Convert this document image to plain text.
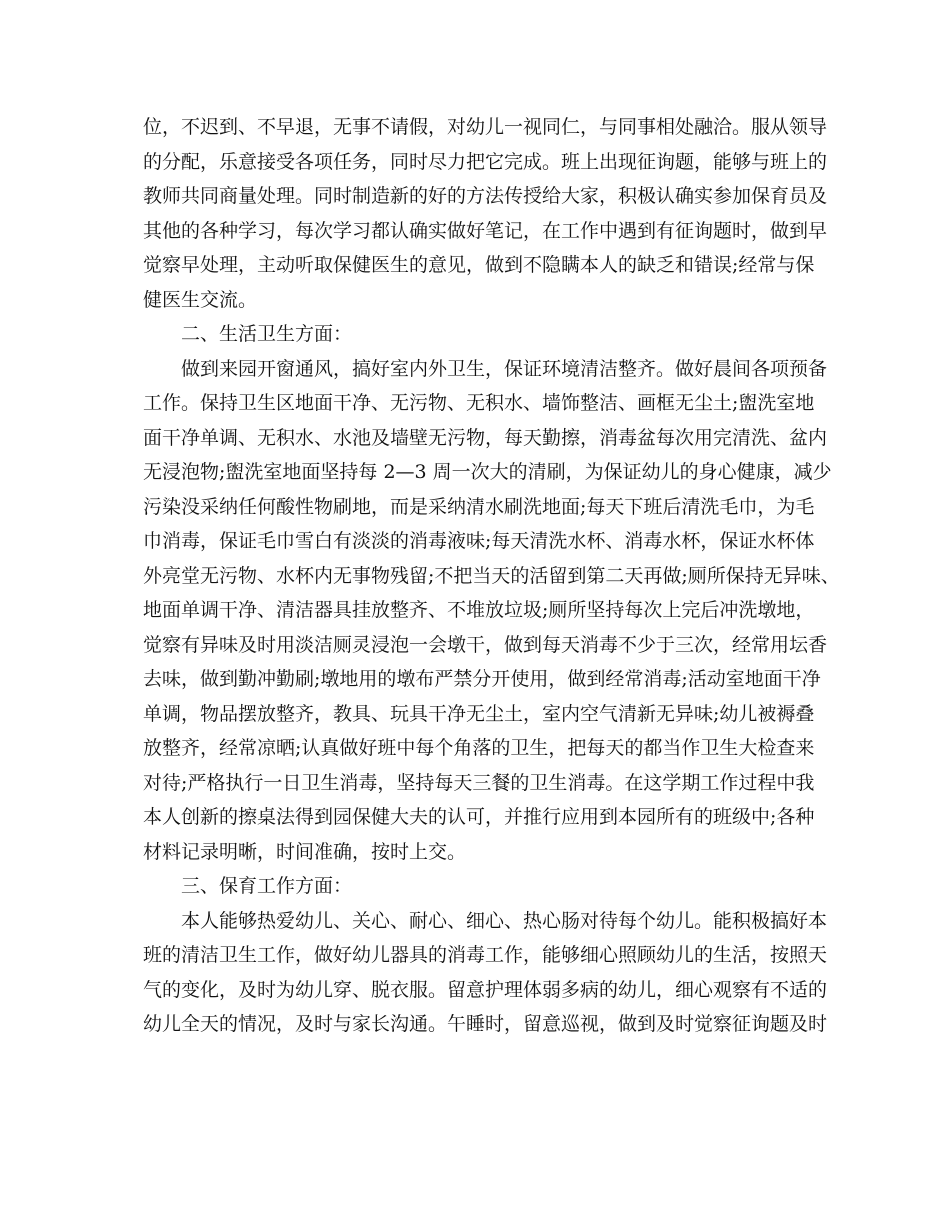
位，不迟到、不早退，无事不请假，对幼儿一视同仁，与同事相处融洽。服从领导
的分配，乐意接受各项任务，同时尽力把它完成。班上出现征询题，能够与班上的
教师共同商量处理。同时制造新的好的方法传授给大家，积极认确实参加保育员及
其他的各种学习，每次学习都认确实做好笔记，在工作中遇到有征询题时，做到早
觉察早处理，主动听取保健医生的意见，做到不隐瞒本人的缺乏和错误;经常与保
健医生交流。
二、生活卫生方面：
做到来园开窗通风，搞好室内外卫生，保证环境清洁整齐。做好晨间各项预备
工作。保持卫生区地面干净、无污物、无积水、墙饰整洁、画框无尘土;盥洗室地
面干净单调、无积水、水池及墙壁无污物，每天勤擦，消毒盆每次用完清洗、盆内
无浸泡物;盥洗室地面坚持每 2—3 周一次大的清刷，为保证幼儿的身心健康，减少
污染没采纳任何酸性物刷地，而是采纳清水刷洗地面;每天下班后清洗毛巾，为毛
巾消毒，保证毛巾雪白有淡淡的消毒液味;每天清洗水杯、消毒水杯，保证水杯体
外亮堂无污物、水杯内无事物残留;不把当天的活留到第二天再做;厕所保持无异味、
地面单调干净、清洁器具挂放整齐、不堆放垃圾;厕所坚持每次上完后冲洗墩地，
觉察有异味及时用淡洁厕灵浸泡一会墩干，做到每天消毒不少于三次，经常用坛香
去味，做到勤冲勤刷;墩地用的墩布严禁分开使用，做到经常消毒;活动室地面干净
单调，物品摆放整齐，教具、玩具干净无尘土，室内空气清新无异味;幼儿被褥叠
放整齐，经常凉晒;认真做好班中每个角落的卫生，把每天的都当作卫生大检查来
对待;严格执行一日卫生消毒，坚持每天三餐的卫生消毒。在这学期工作过程中我
本人创新的擦桌法得到园保健大夫的认可，并推行应用到本园所有的班级中;各种
材料记录明晰，时间准确，按时上交。
三、保育工作方面：
本人能够热爱幼儿、关心、耐心、细心、热心肠对待每个幼儿。能积极搞好本
班的清洁卫生工作，做好幼儿器具的消毒工作，能够细心照顾幼儿的生活，按照天
气的变化，及时为幼儿穿、脱衣服。留意护理体弱多病的幼儿，细心观察有不适的
幼儿全天的情况，及时与家长沟通。午睡时，留意巡视，做到及时觉察征询题及时
